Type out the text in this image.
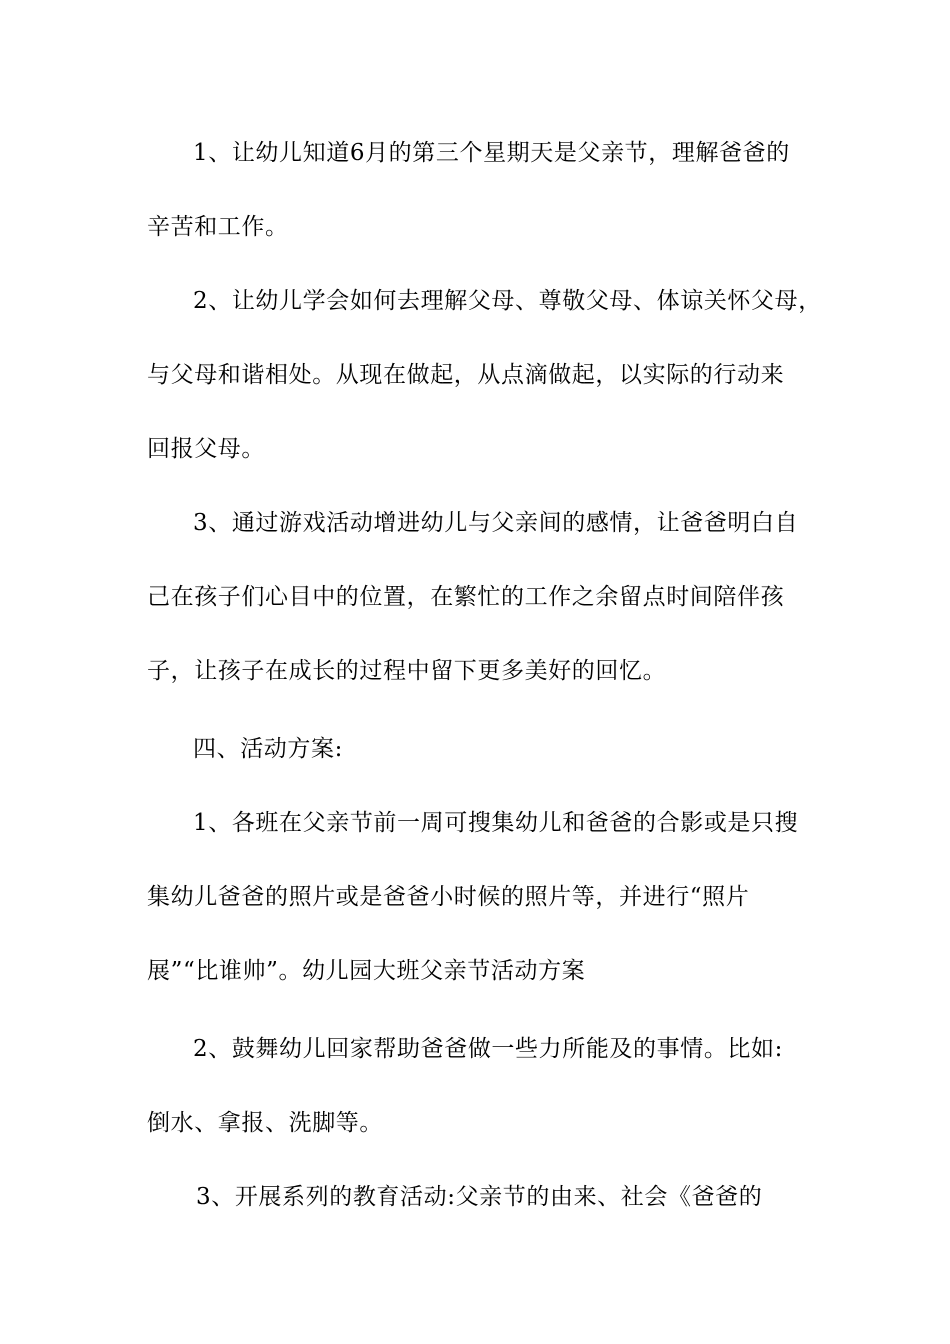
1、让幼儿知道6月的第三个星期天是父亲节，理解爸爸的
辛苦和工作。
2、让幼儿学会如何去理解父母、尊敬父母、体谅关怀父母，
与父母和谐相处。从现在做起，从点滴做起，以实际的行动来
回报父母。
3、通过游戏活动增进幼儿与父亲间的感情，让爸爸明白自
己在孩子们心目中的位置，在繁忙的工作之余留点时间陪伴孩
子，让孩子在成长的过程中留下更多美好的回忆。
四、活动方案:
1、各班在父亲节前一周可搜集幼儿和爸爸的合影或是只搜
集幼儿爸爸的照片或是爸爸小时候的照片等，并进行“照片
展”“比谁帅”。幼儿园大班父亲节活动方案
2、鼓舞幼儿回家帮助爸爸做一些力所能及的事情。比如:
倒水、拿报、洗脚等。
3、开展系列的教育活动:父亲节的由来、社会《爸爸的
